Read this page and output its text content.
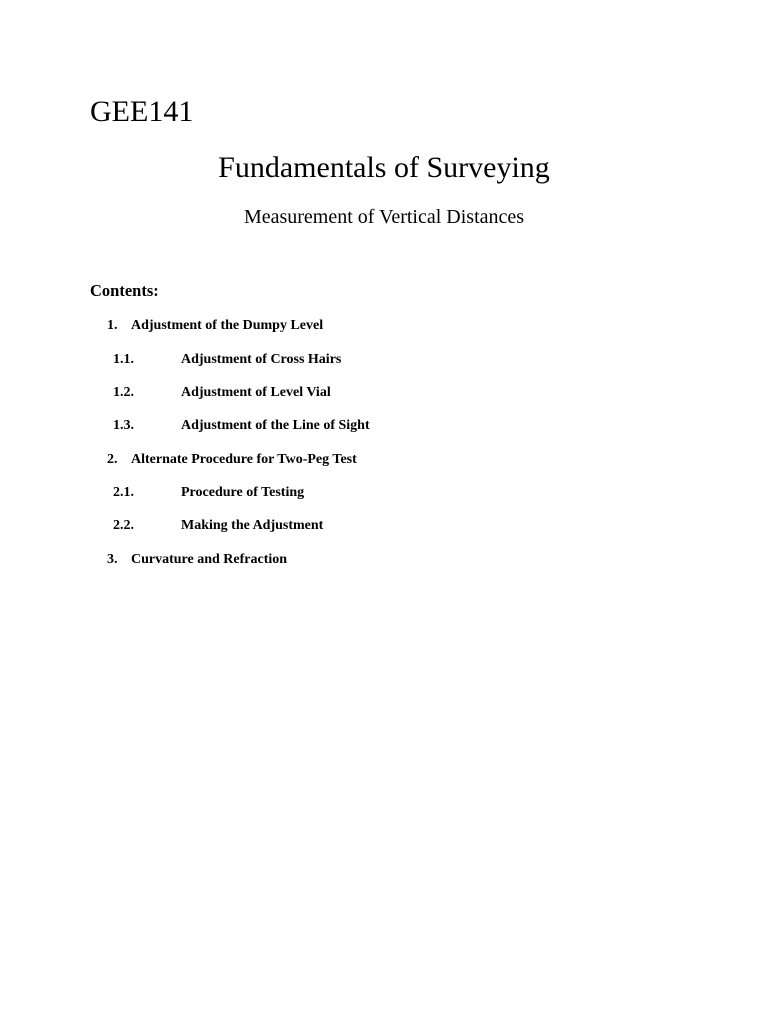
GEE141
Fundamentals of Surveying
Measurement of Vertical Distances
Contents:
1. Adjustment of the Dumpy Level
1.1.	Adjustment of Cross Hairs
1.2.	Adjustment of Level Vial
1.3.	Adjustment of the Line of Sight
2. Alternate Procedure for Two-Peg Test
2.1.	Procedure of Testing
2.2.	Making the Adjustment
3. Curvature and Refraction
